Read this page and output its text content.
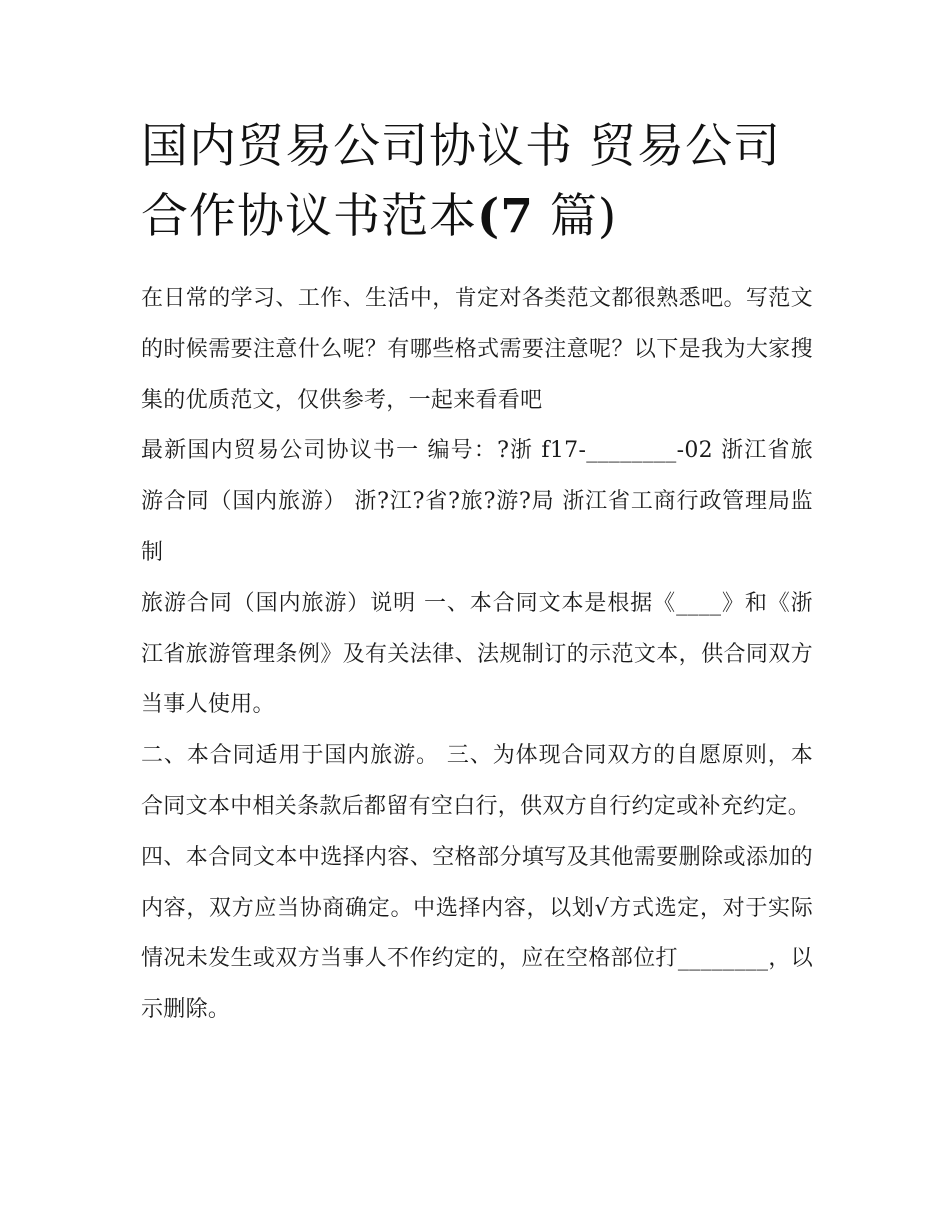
国内贸易公司协议书 贸易公司合作协议书范本(7 篇)

在日常的学习、工作、生活中，肯定对各类范文都很熟悉吧。写范文的时候需要注意什么呢？有哪些格式需要注意呢？以下是我为大家搜集的优质范文，仅供参考，一起来看看吧

最新国内贸易公司协议书一 编号：?浙 f17-________-02 浙江省旅游合同（国内旅游） 浙?江?省?旅?游?局 浙江省工商行政管理局监制

旅游合同（国内旅游）说明 一、本合同文本是根据《____》和《浙江省旅游管理条例》及有关法律、法规制订的示范文本，供合同双方当事人使用。

二、本合同适用于国内旅游。 三、为体现合同双方的自愿原则，本合同文本中相关条款后都留有空白行，供双方自行约定或补充约定。

四、本合同文本中选择内容、空格部分填写及其他需要删除或添加的内容，双方应当协商确定。中选择内容，以划√方式选定，对于实际情况未发生或双方当事人不作约定的，应在空格部位打________，以示删除。
